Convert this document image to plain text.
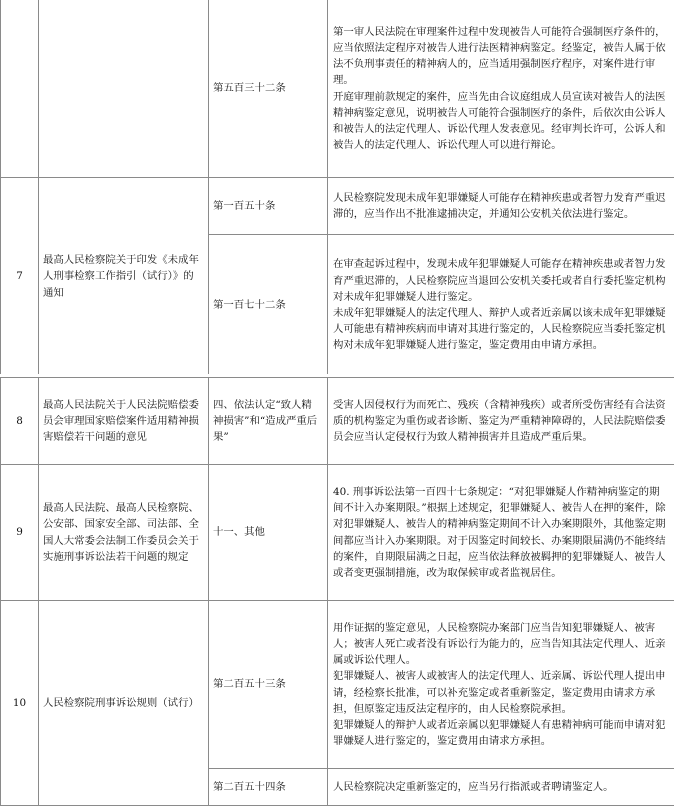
		第五百三十二条	第一审人民法院在审理案件过程中发现被告人可能符合强制医疗条件的，应当依照法定程序对被告人进行法医精神病鉴定。经鉴定，被告人属于依法不负刑事责任的精神病人的，应当适用强制医疗程序，对案件进行审理。

开庭审理前款规定的案件，应当先由合议庭组成人员宣读对被告人的法医精神病鉴定意见，说明被告人可能符合强制医疗的条件，后依次由公诉人和被告人的法定代理人、诉讼代理人发表意见。经审判长许可，公诉人和被告人的法定代理人、诉讼代理人可以进行辩论。

7	最高人民检察院关于印发《未成年人刑事检察工作指引（试行）》的通知	第一百五十条	人民检察院发现未成年犯罪嫌疑人可能存在精神疾患或者智力发育严重迟滞的，应当作出不批准逮捕决定，并通知公安机关依法进行鉴定。

		第一百七十二条	在审查起诉过程中，发现未成年犯罪嫌疑人可能存在精神疾患或者智力发育严重迟滞的，人民检察院应当退回公安机关委托或者自行委托鉴定机构对未成年犯罪嫌疑人进行鉴定。

未成年犯罪嫌疑人的法定代理人、辩护人或者近亲属以该未成年犯罪嫌疑人可能患有精神疾病而申请对其进行鉴定的，人民检察院应当委托鉴定机构对未成年犯罪嫌疑人进行鉴定，鉴定费用由申请方承担。

8	最高人民法院关于人民法院赔偿委员会审理国家赔偿案件适用精神损害赔偿若干问题的意见	四、依法认定“致人精神损害”和“造成严重后果”	受害人因侵权行为而死亡、残疾（含精神残疾）或者所受伤害经有合法资质的机构鉴定为重伤或者诊断、鉴定为严重精神障碍的，人民法院赔偿委员会应当认定侵权行为致人精神损害并且造成严重后果。

9	最高人民法院、最高人民检察院、公安部、国家安全部、司法部、全国人大常委会法制工作委员会关于实施刑事诉讼法若干问题的规定	十一、其他	40. 刑事诉讼法第一百四十七条规定：“对犯罪嫌疑人作精神病鉴定的期间不计入办案期限。”根据上述规定，犯罪嫌疑人、被告人在押的案件，除对犯罪嫌疑人、被告人的精神病鉴定期间不计入办案期限外，其他鉴定期间都应当计入办案期限。对于因鉴定时间较长、办案期限届满仍不能终结的案件，自期限届满之日起，应当依法释放被羁押的犯罪嫌疑人、被告人或者变更强制措施，改为取保候审或者监视居住。

10	人民检察院刑事诉讼规则（试行）	第二百五十三条	用作证据的鉴定意见，人民检察院办案部门应当告知犯罪嫌疑人、被害人；被害人死亡或者没有诉讼行为能力的，应当告知其法定代理人、近亲属或诉讼代理人。

犯罪嫌疑人、被害人或被害人的法定代理人、近亲属、诉讼代理人提出申请，经检察长批准，可以补充鉴定或者重新鉴定，鉴定费用由请求方承担，但原鉴定违反法定程序的，由人民检察院承担。

犯罪嫌疑人的辩护人或者近亲属以犯罪嫌疑人有患精神病可能而申请对犯罪嫌疑人进行鉴定的，鉴定费用由请求方承担。

		第二百五十四条	人民检察院决定重新鉴定的，应当另行指派或者聘请鉴定人。
